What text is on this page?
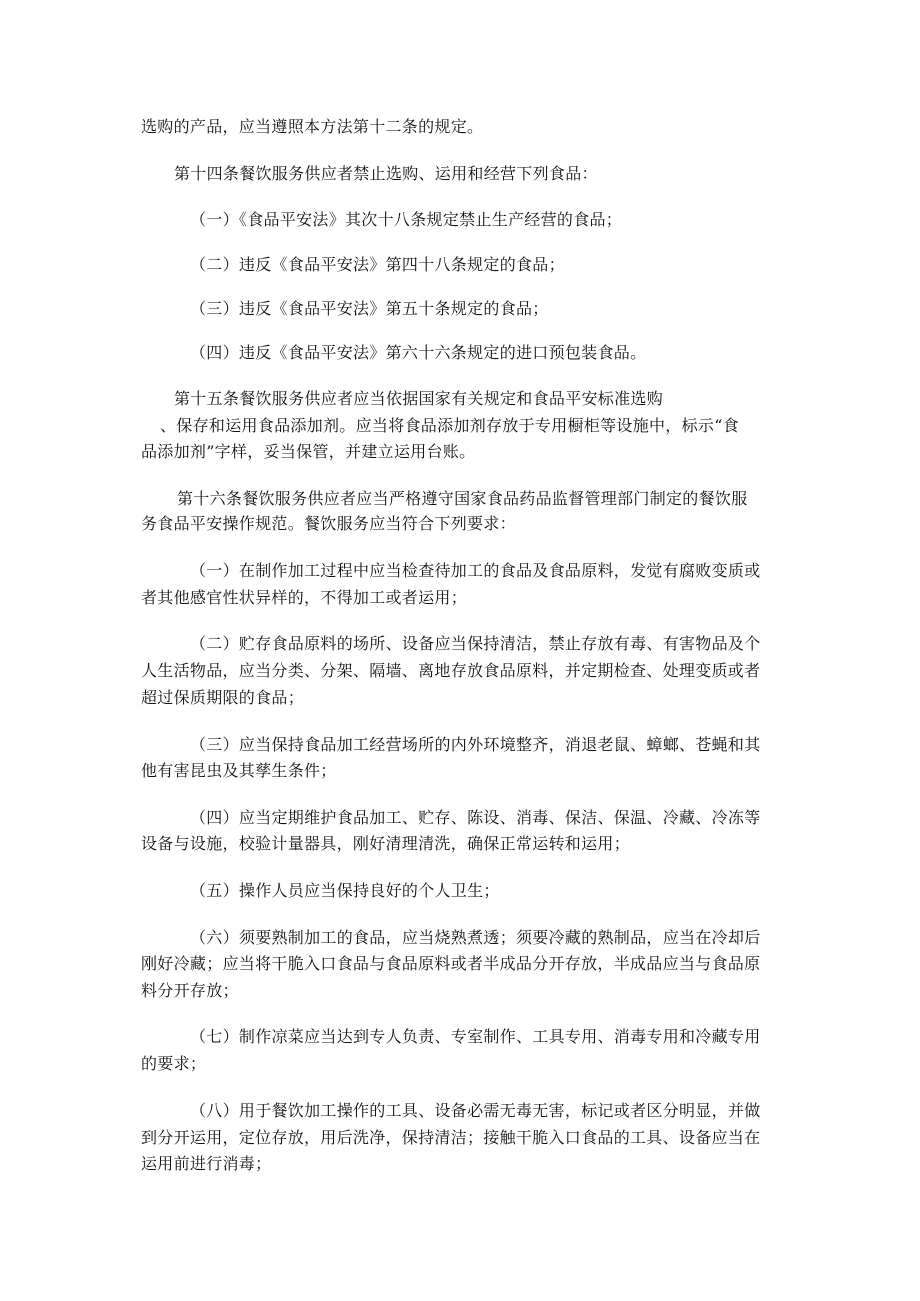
选购的产品，应当遵照本方法第十二条的规定。
第十四条餐饮服务供应者禁止选购、运用和经营下列食品：
（一）《食品平安法》其次十八条规定禁止生产经营的食品；
（二）违反《食品平安法》第四十八条规定的食品；
（三）违反《食品平安法》第五十条规定的食品；
（四）违反《食品平安法》第六十六条规定的进口预包装食品。
第十五条餐饮服务供应者应当依据国家有关规定和食品平安标准选购
、保存和运用食品添加剂。应当将食品添加剂存放于专用橱柜等设施中，标示“食
品添加剂”字样，妥当保管，并建立运用台账。
第十六条餐饮服务供应者应当严格遵守国家食品药品监督管理部门制定的餐饮服
务食品平安操作规范。餐饮服务应当符合下列要求：
（一）在制作加工过程中应当检查待加工的食品及食品原料，发觉有腐败变质或
者其他感官性状异样的，不得加工或者运用；
（二）贮存食品原料的场所、设备应当保持清洁，禁止存放有毒、有害物品及个
人生活物品，应当分类、分架、隔墙、离地存放食品原料，并定期检查、处理变质或者
超过保质期限的食品；
（三）应当保持食品加工经营场所的内外环境整齐，消退老鼠、蟑螂、苍蝇和其
他有害昆虫及其孳生条件；
（四）应当定期维护食品加工、贮存、陈设、消毒、保洁、保温、冷藏、冷冻等
设备与设施，校验计量器具，刚好清理清洗，确保正常运转和运用；
（五）操作人员应当保持良好的个人卫生；
（六）须要熟制加工的食品，应当烧熟煮透；须要冷藏的熟制品，应当在冷却后
刚好冷藏；应当将干脆入口食品与食品原料或者半成品分开存放，半成品应当与食品原
料分开存放；
（七）制作凉菜应当达到专人负责、专室制作、工具专用、消毒专用和冷藏专用
的要求；
（八）用于餐饮加工操作的工具、设备必需无毒无害，标记或者区分明显，并做
到分开运用，定位存放，用后洗净，保持清洁；接触干脆入口食品的工具、设备应当在
运用前进行消毒；
